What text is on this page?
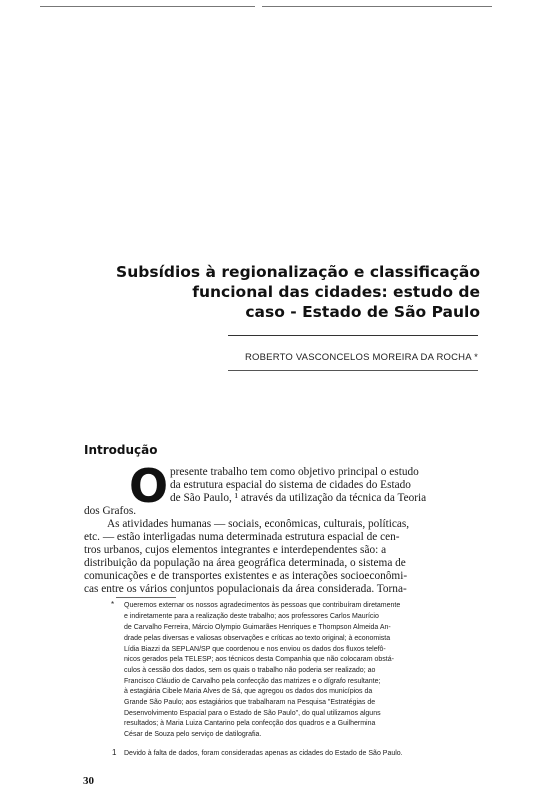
Subsídios à regionalização e classificação
funcional das cidades: estudo de
caso - Estado de São Paulo
ROBERTO VASCONCELOS MOREIRA DA ROCHA *
Introdução
O presente trabalho tem como objetivo principal o estudo
da estrutura espacial do sistema de cidades do Estado
de São Paulo, ¹ através da utilização da técnica da Teoria
dos Grafos.
As atividades humanas — sociais, econômicas, culturais, políticas,
etc. — estão interligadas numa determinada estrutura espacial de cen-
tros urbanos, cujos elementos integrantes e interdependentes são: a
distribuição da população na área geográfica determinada, o sistema de
comunicações e de transportes existentes e as interações socioeconômi-
cas entre os vários conjuntos populacionais da área considerada. Torna-
* Queremos externar os nossos agradecimentos às pessoas que contribuíram diretamente
e indiretamente para a realização deste trabalho; aos professores Carlos Maurício
de Carvalho Ferreira, Márcio Olympio Guimarães Henriques e Thompson Almeida An-
drade pelas diversas e valiosas observações e críticas ao texto original; à economista
Lídia Biazzi da SEPLAN/SP que coordenou e nos enviou os dados dos fluxos telefô-
nicos gerados pela TELESP; aos técnicos desta Companhia que não colocaram obstá-
culos à cessão dos dados, sem os quais o trabalho não poderia ser realizado; ao
Francisco Cláudio de Carvalho pela confecção das matrizes e o dígrafo resultante;
à estagiária Cibele Maria Alves de Sá, que agregou os dados dos municípios da
Grande São Paulo; aos estagiários que trabalharam na Pesquisa "Estratégias de
Desenvolvimento Espacial para o Estado de São Paulo", do qual utilizamos alguns
resultados; à Maria Luiza Cantarino pela confecção dos quadros e a Guilhermina
César de Souza pelo serviço de datilografia.
1 Devido à falta de dados, foram consideradas apenas as cidades do Estado de São Paulo.
30
